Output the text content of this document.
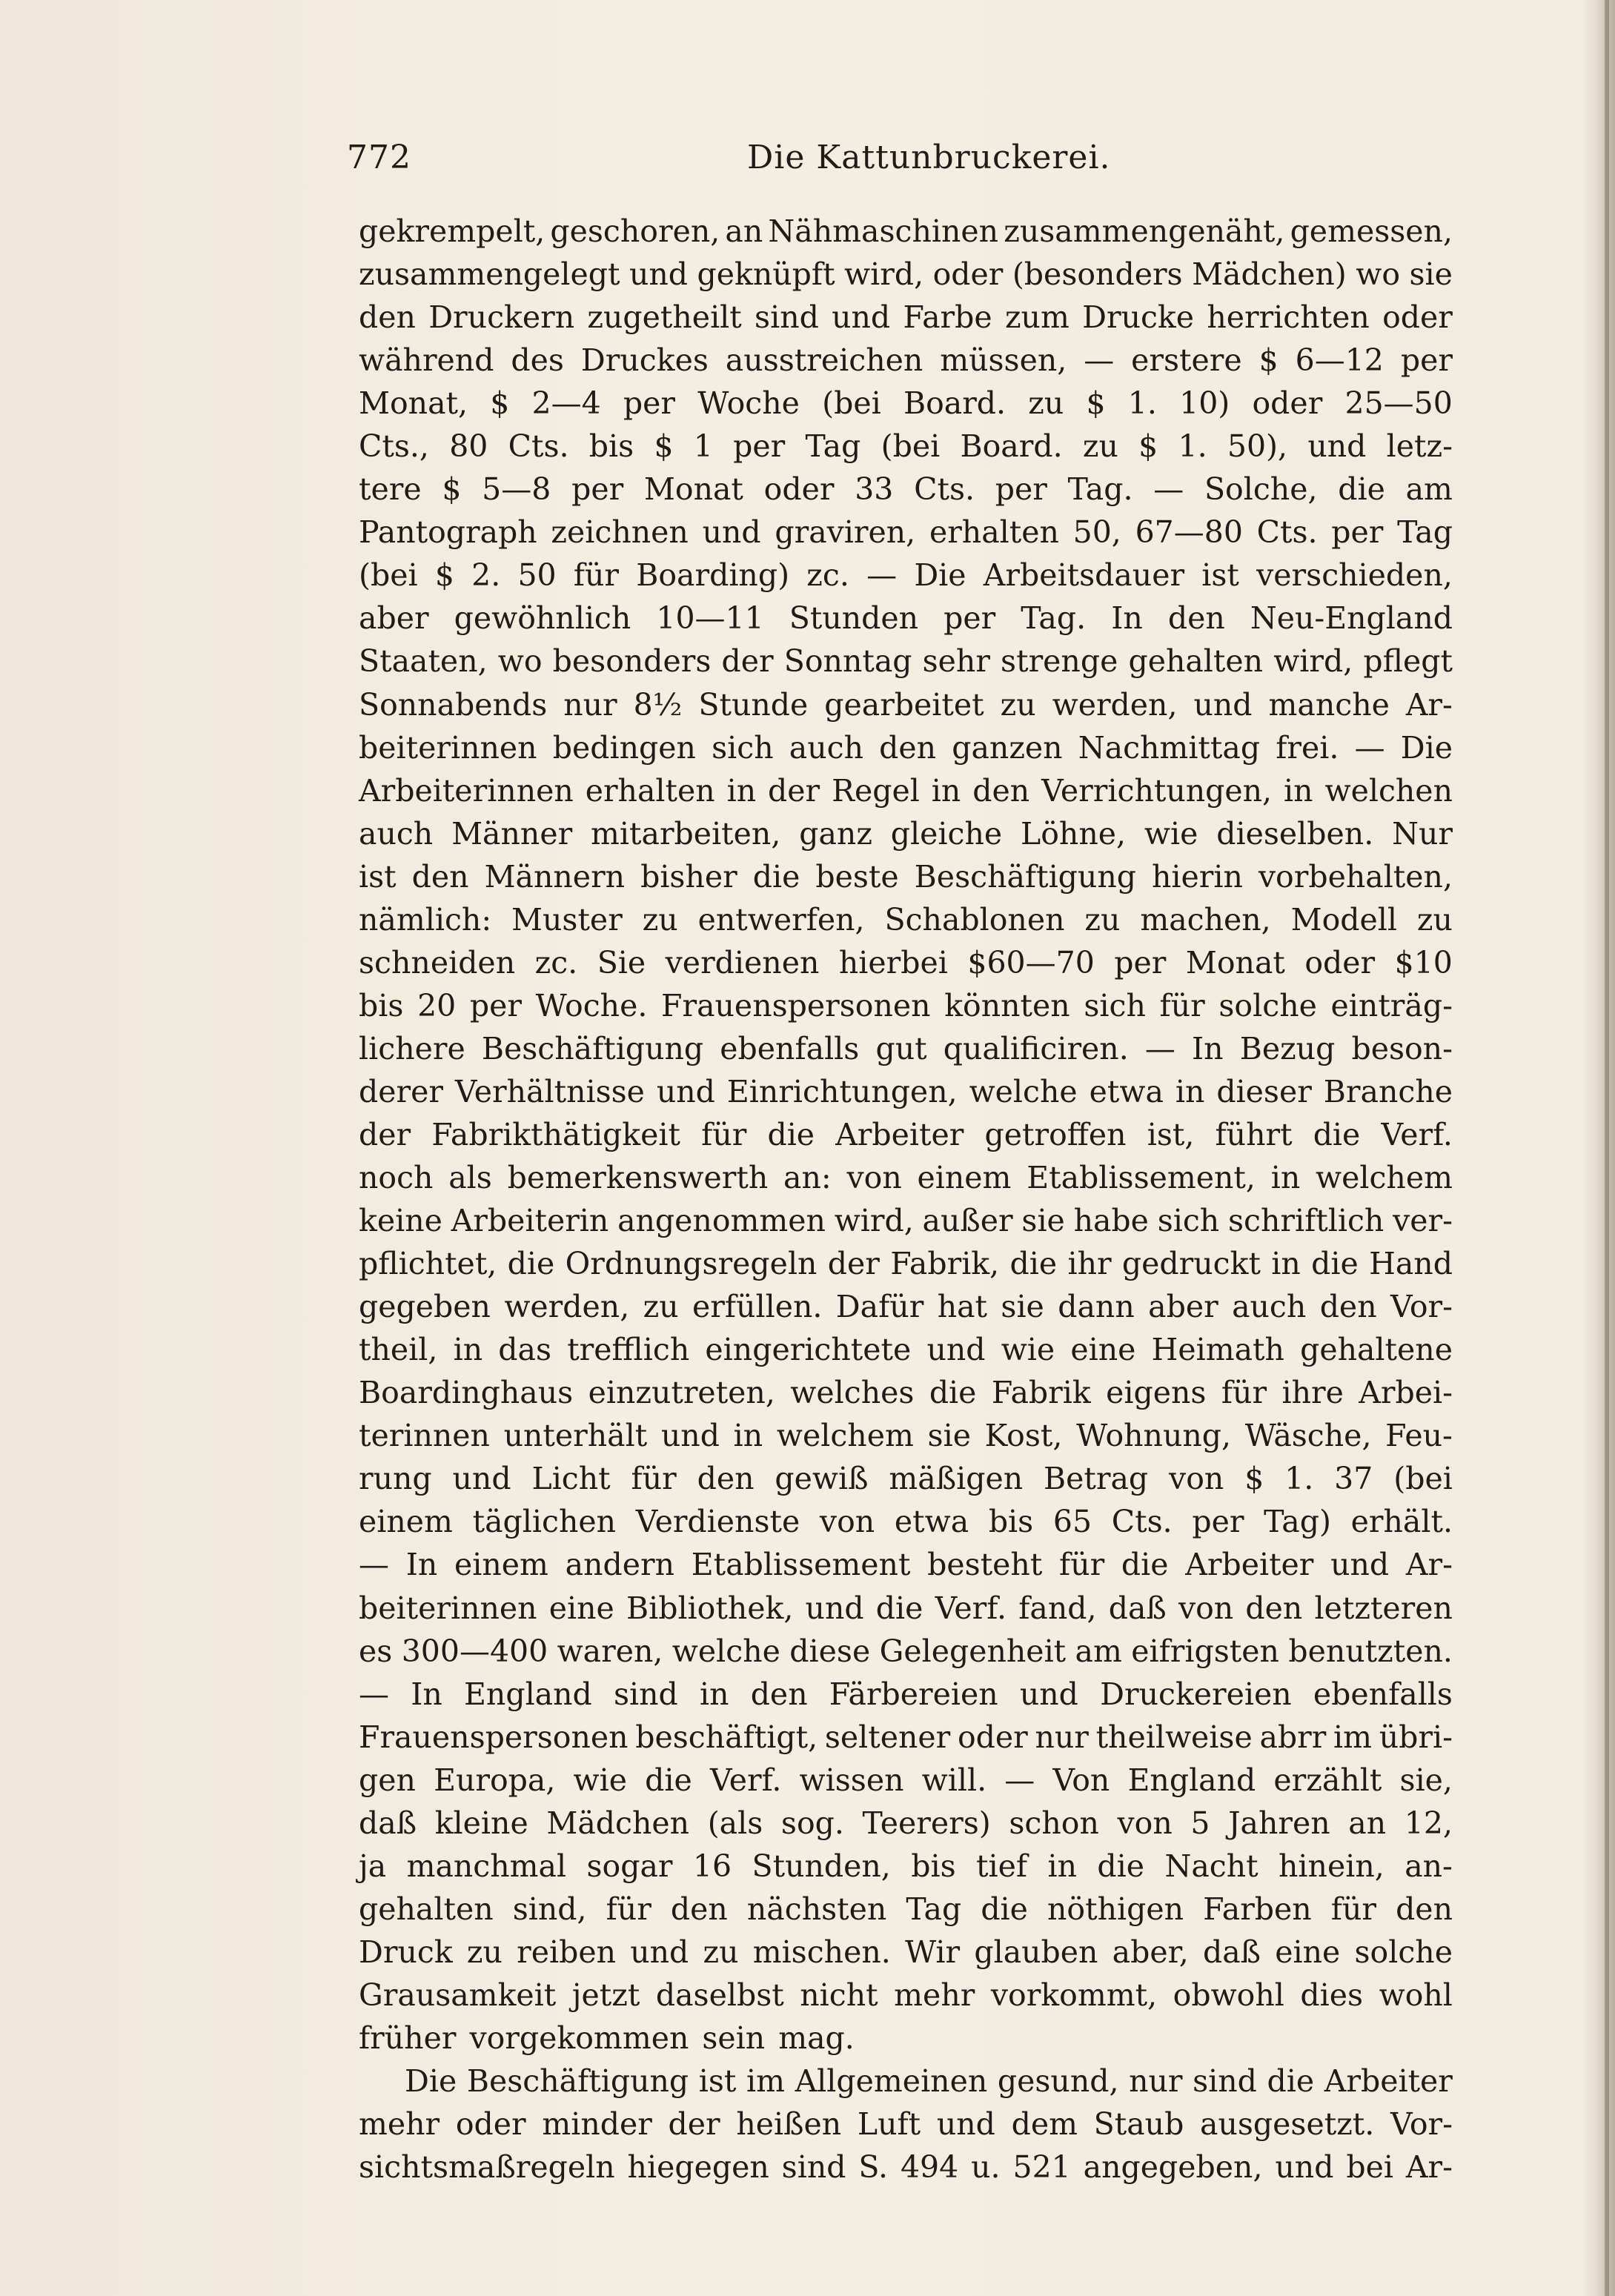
772	Die Kattunbruckerei.
gekrempelt, geschoren, an Nähmaschinen zusammengenäht, gemessen,
zusammengelegt und geknüpft wird, oder (besonders Mädchen) wo sie
den Druckern zugetheilt sind und Farbe zum Drucke herrichten oder
während des Druckes ausstreichen müssen, — erstere $ 6—12 per
Monat, $ 2—4 per Woche (bei Board. zu $ 1. 10) oder 25—50
Cts., 80 Cts. bis $ 1 per Tag (bei Board. zu $ 1. 50), und letz-
tere $ 5—8 per Monat oder 33 Cts. per Tag. — Solche, die am
Pantograph zeichnen und graviren, erhalten 50, 67—80 Cts. per Tag
(bei $ 2. 50 für Boarding) zc. — Die Arbeitsdauer ist verschieden,
aber gewöhnlich 10—11 Stunden per Tag. In den Neu-England
Staaten, wo besonders der Sonntag sehr strenge gehalten wird, pflegt
Sonnabends nur 8½ Stunde gearbeitet zu werden, und manche Ar-
beiterinnen bedingen sich auch den ganzen Nachmittag frei. — Die
Arbeiterinnen erhalten in der Regel in den Verrichtungen, in welchen
auch Männer mitarbeiten, ganz gleiche Löhne, wie dieselben. Nur
ist den Männern bisher die beste Beschäftigung hierin vorbehalten,
nämlich: Muster zu entwerfen, Schablonen zu machen, Modell zu
schneiden zc. Sie verdienen hierbei $60—70 per Monat oder $10
bis 20 per Woche. Frauenspersonen könnten sich für solche einträg-
lichere Beschäftigung ebenfalls gut qualificiren. — In Bezug beson-
derer Verhältnisse und Einrichtungen, welche etwa in dieser Branche
der Fabrikthätigkeit für die Arbeiter getroffen ist, führt die Verf.
noch als bemerkenswerth an: von einem Etablissement, in welchem
keine Arbeiterin angenommen wird, außer sie habe sich schriftlich ver-
pflichtet, die Ordnungsregeln der Fabrik, die ihr gedruckt in die Hand
gegeben werden, zu erfüllen. Dafür hat sie dann aber auch den Vor-
theil, in das trefflich eingerichtete und wie eine Heimath gehaltene
Boardinghaus einzutreten, welches die Fabrik eigens für ihre Arbei-
terinnen unterhält und in welchem sie Kost, Wohnung, Wäsche, Feu-
rung und Licht für den gewiß mäßigen Betrag von $ 1. 37 (bei
einem täglichen Verdienste von etwa bis 65 Cts. per Tag) erhält.
— In einem andern Etablissement besteht für die Arbeiter und Ar-
beiterinnen eine Bibliothek, und die Verf. fand, daß von den letzteren
es 300—400 waren, welche diese Gelegenheit am eifrigsten benutzten.
— In England sind in den Färbereien und Druckereien ebenfalls
Frauenspersonen beschäftigt, seltener oder nur theilweise abrr im übri-
gen Europa, wie die Verf. wissen will. — Von England erzählt sie,
daß kleine Mädchen (als sog. Teerers) schon von 5 Jahren an 12,
ja manchmal sogar 16 Stunden, bis tief in die Nacht hinein, an-
gehalten sind, für den nächsten Tag die nöthigen Farben für den
Druck zu reiben und zu mischen. Wir glauben aber, daß eine solche
Grausamkeit jetzt daselbst nicht mehr vorkommt, obwohl dies wohl
früher vorgekommen sein mag.
Die Beschäftigung ist im Allgemeinen gesund, nur sind die Arbeiter
mehr oder minder der heißen Luft und dem Staub ausgesetzt. Vor-
sichtsmaßregeln hiegegen sind S. 494 u. 521 angegeben, und bei Ar-
